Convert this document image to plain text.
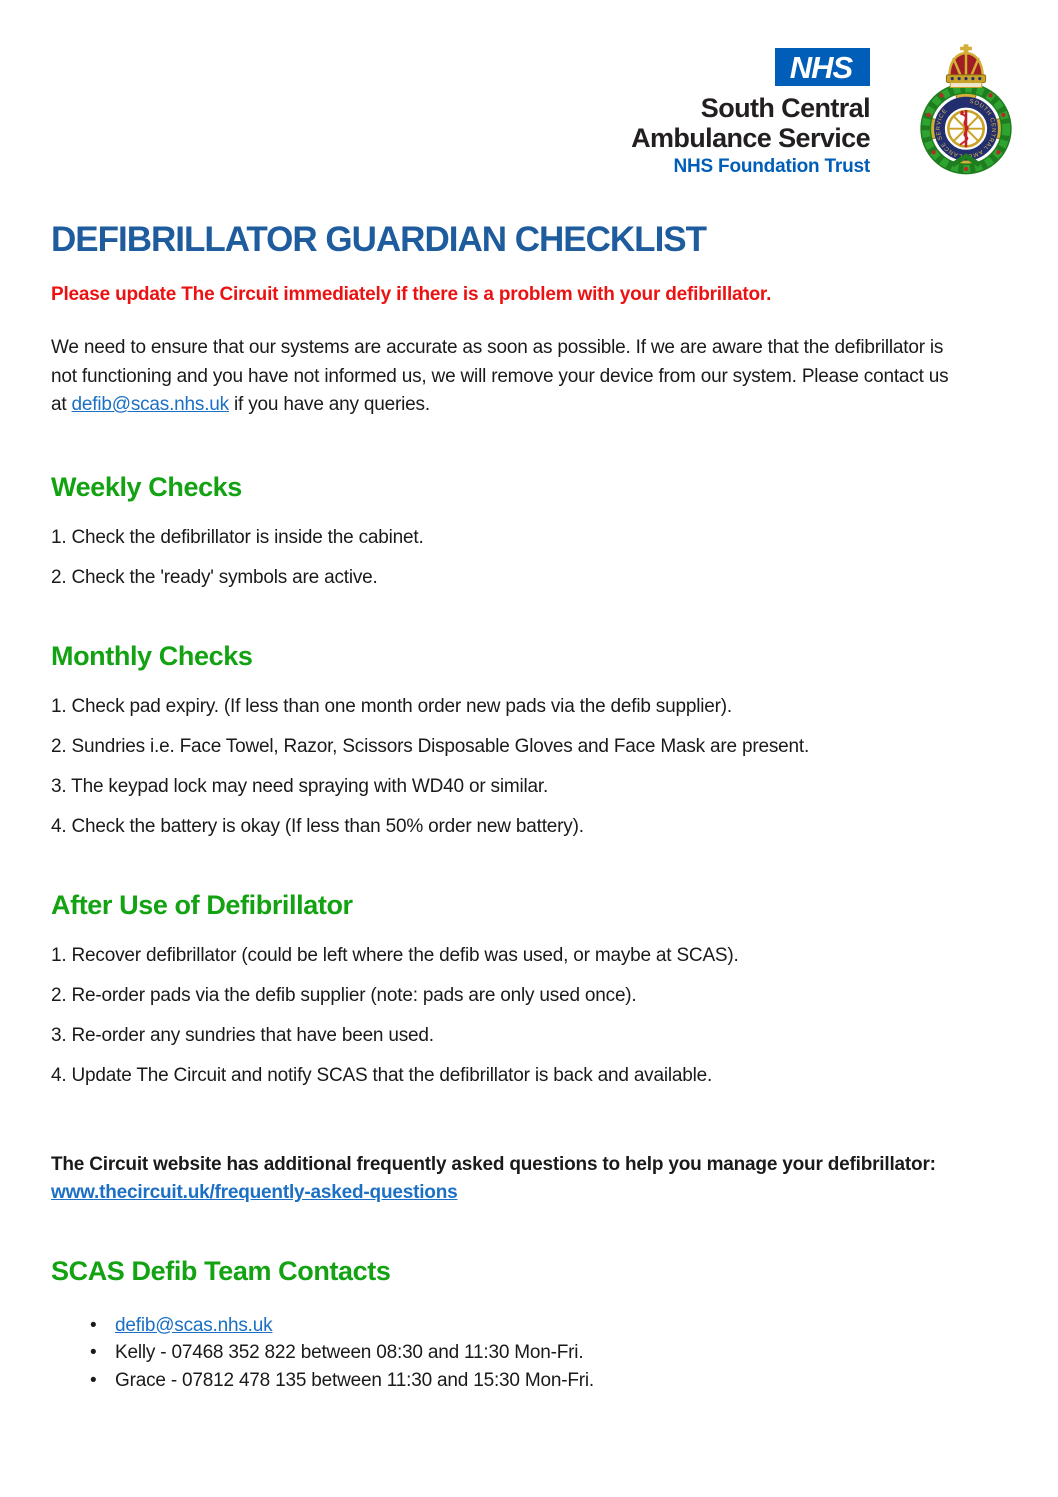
NHS
South Central
Ambulance Service
NHS Foundation Trust
SOUTH CENTRAL AMBULANCE SERVICE
DEFIBRILLATOR GUARDIAN CHECKLIST

Please update The Circuit immediately if there is a problem with your defibrillator.

We need to ensure that our systems are accurate as soon as possible. If we are aware that the defibrillator is not functioning and you have not informed us, we will remove your device from our system. Please contact us at defib@scas.nhs.uk if you have any queries.

Weekly Checks

1. Check the defibrillator is inside the cabinet.

2. Check the 'ready' symbols are active.

Monthly Checks

1. Check pad expiry. (If less than one month order new pads via the defib supplier).

2. Sundries i.e. Face Towel, Razor, Scissors Disposable Gloves and Face Mask are present.

3. The keypad lock may need spraying with WD40 or similar.

4. Check the battery is okay (If less than 50% order new battery).

After Use of Defibrillator

1. Recover defibrillator (could be left where the defib was used, or maybe at SCAS).

2. Re-order pads via the defib supplier (note: pads are only used once).

3. Re-order any sundries that have been used.

4. Update The Circuit and notify SCAS that the defibrillator is back and available.

The Circuit website has additional frequently asked questions to help you manage your defibrillator: www.thecircuit.uk/frequently-asked-questions

SCAS Defib Team Contacts
• defib@scas.nhs.uk
• Kelly - 07468 352 822 between 08:30 and 11:30 Mon-Fri.
• Grace - 07812 478 135 between 11:30 and 15:30 Mon-Fri.
